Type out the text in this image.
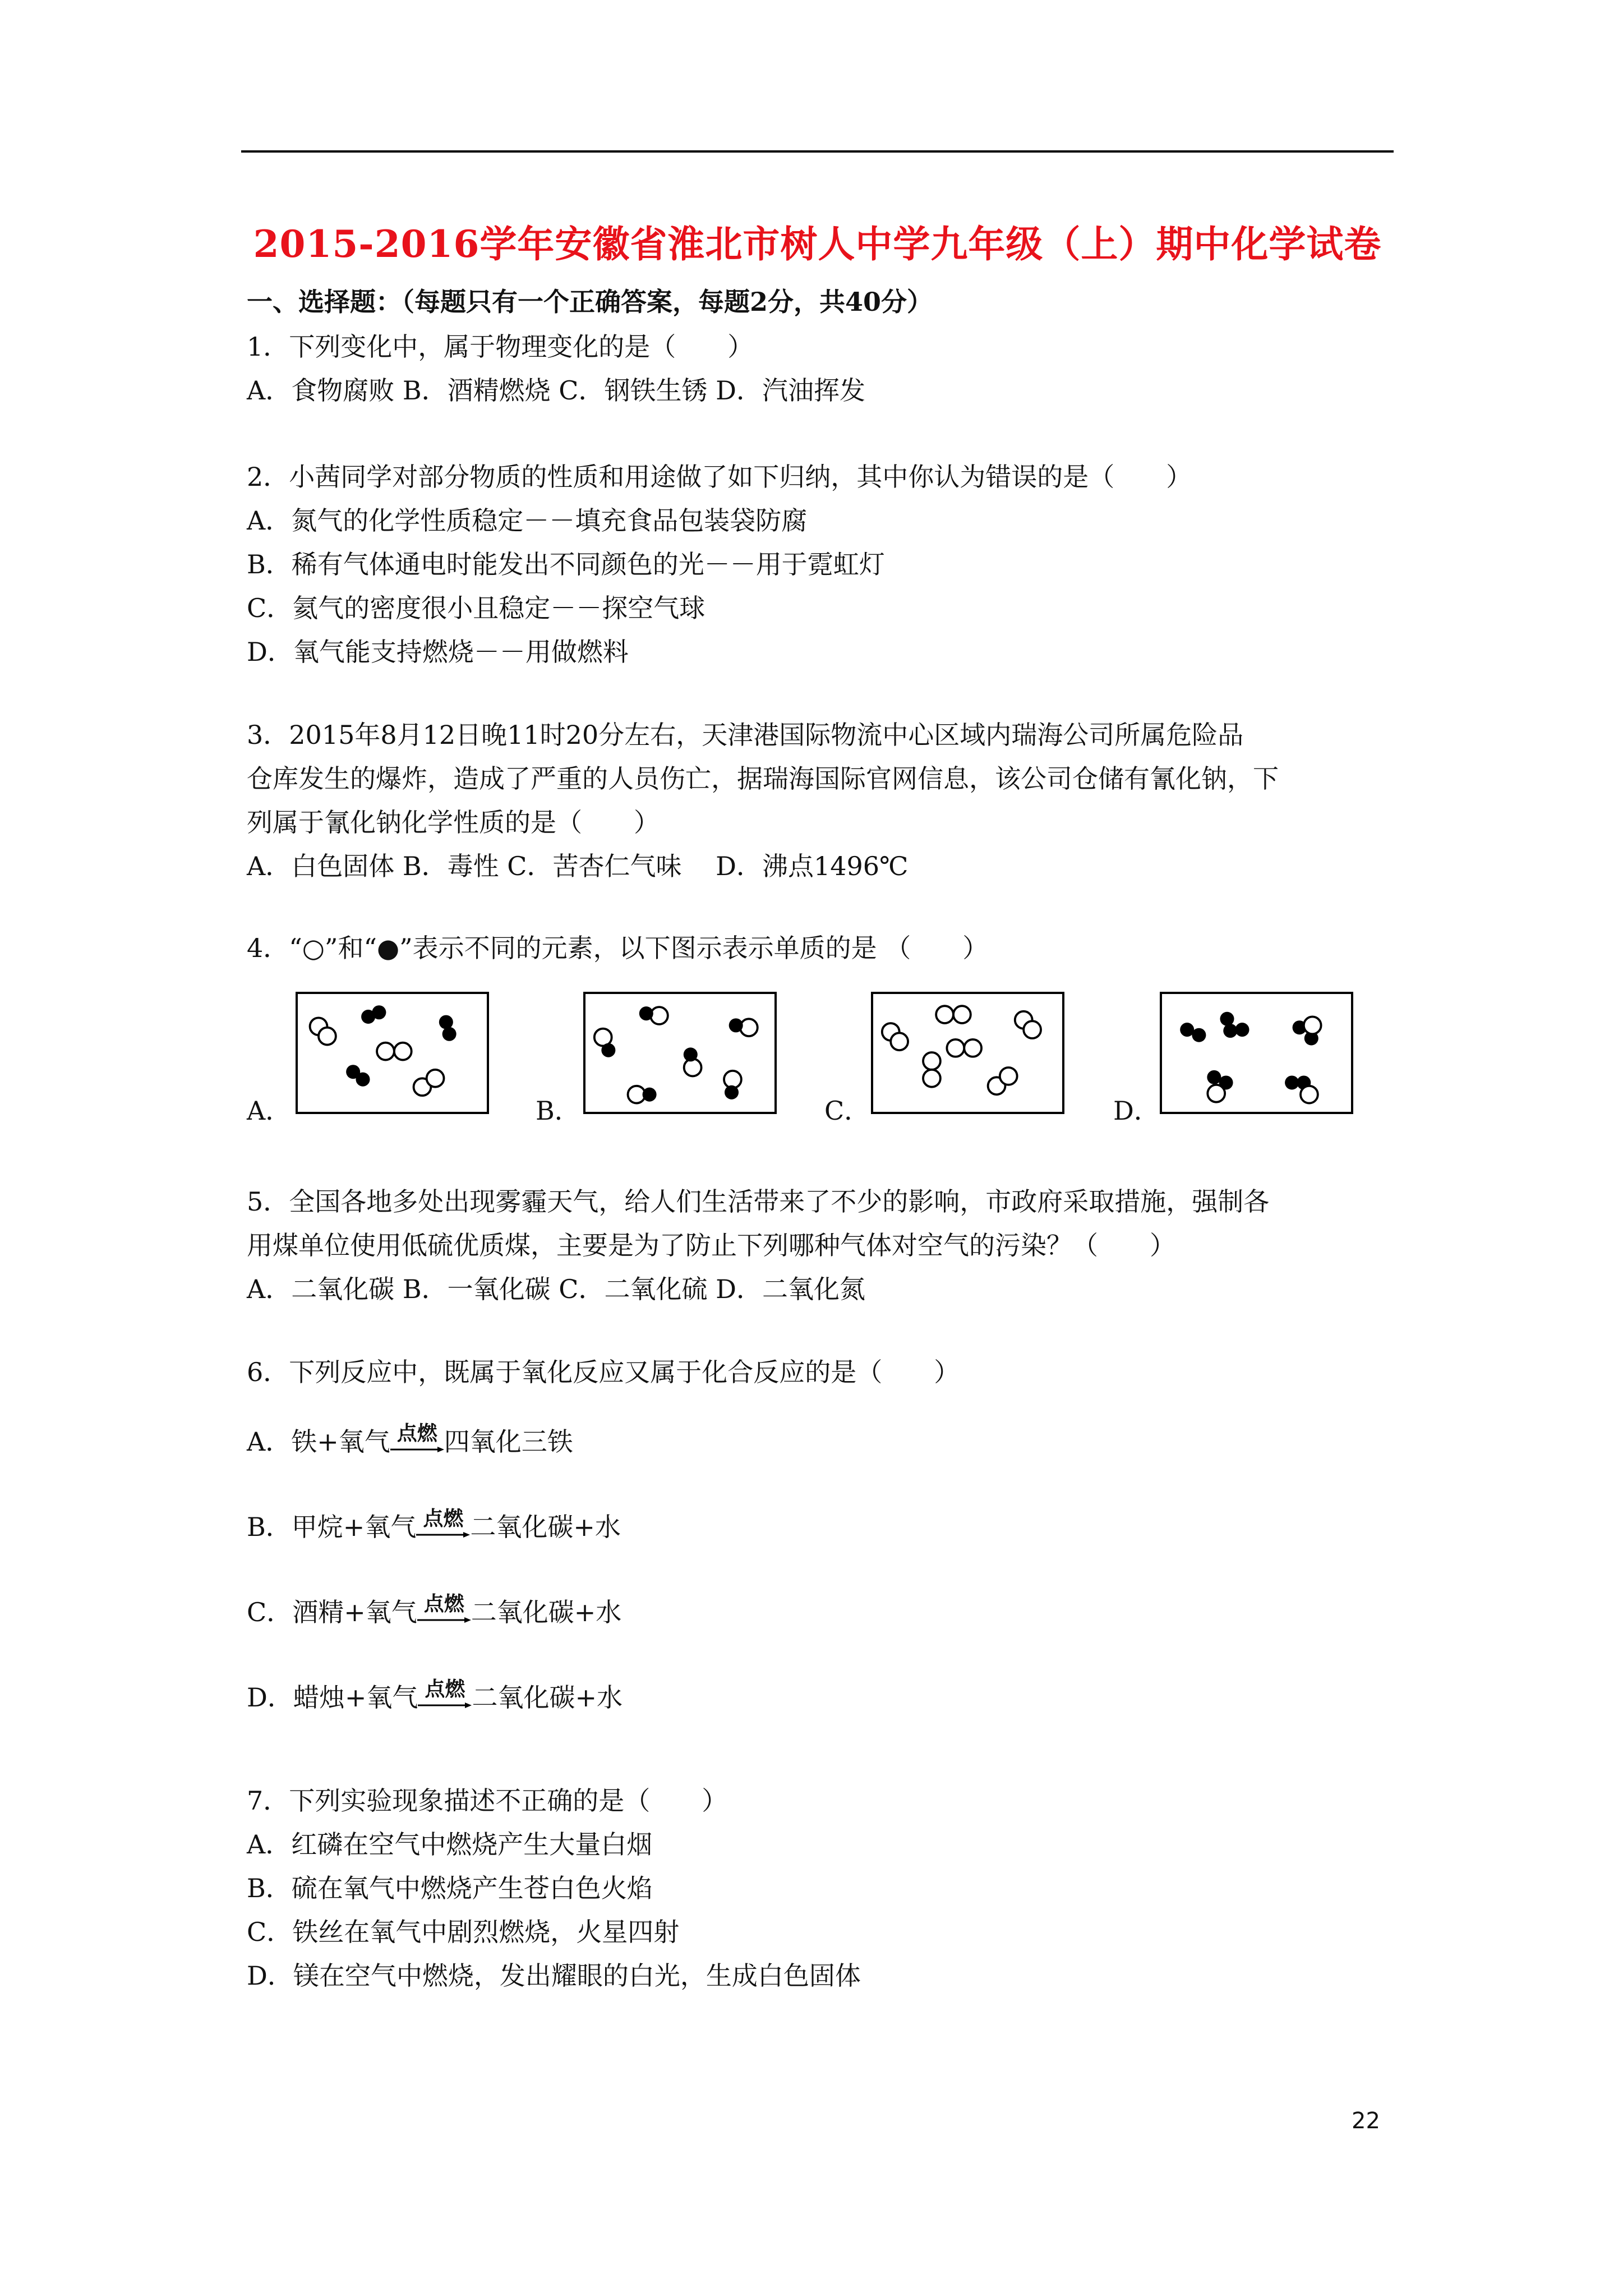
2015-2016学年安徽省淮北市树人中学九年级（上）期中化学试卷
一、选择题：（每题只有一个正确答案，每题2分，共40分）
1．下列变化中，属于物理变化的是（　　）
A．食物腐败 B．酒精燃烧 C．钢铁生锈 D．汽油挥发
2．小茜同学对部分物质的性质和用途做了如下归纳，其中你认为错误的是（　　）
A．氮气的化学性质稳定－－填充食品包装袋防腐
B．稀有气体通电时能发出不同颜色的光－－用于霓虹灯
C．氦气的密度很小且稳定－－探空气球
D．氧气能支持燃烧－－用做燃料
3．2015年8月12日晚11时20分左右，天津港国际物流中心区域内瑞海公司所属危险品
仓库发生的爆炸，造成了严重的人员伤亡，据瑞海国际官网信息，该公司仓储有氰化钠，下
列属于氰化钠化学性质的是（　　）
A．白色固体 B．毒性 C．苦杏仁气味　 D．沸点1496℃
4．“○”和“●”表示不同的元素，以下图示表示单质的是 （　　）
A．	B．	C．	D．
5．全国各地多处出现雾霾天气，给人们生活带来了不少的影响，市政府采取措施，强制各
用煤单位使用低硫优质煤，主要是为了防止下列哪种气体对空气的污染？（　　）
A．二氧化碳 B．一氧化碳 C．二氧化硫 D．二氧化氮
6．下列反应中，既属于氧化反应又属于化合反应的是（　　）
A．铁+氧气 点燃 四氧化三铁
B．甲烷+氧气 点燃 二氧化碳+水
C．酒精+氧气 点燃 二氧化碳+水
D．蜡烛+氧气 点燃 二氧化碳+水
7．下列实验现象描述不正确的是（　　）
A．红磷在空气中燃烧产生大量白烟
B．硫在氧气中燃烧产生苍白色火焰
C．铁丝在氧气中剧烈燃烧，火星四射
D．镁在空气中燃烧，发出耀眼的白光，生成白色固体
22
